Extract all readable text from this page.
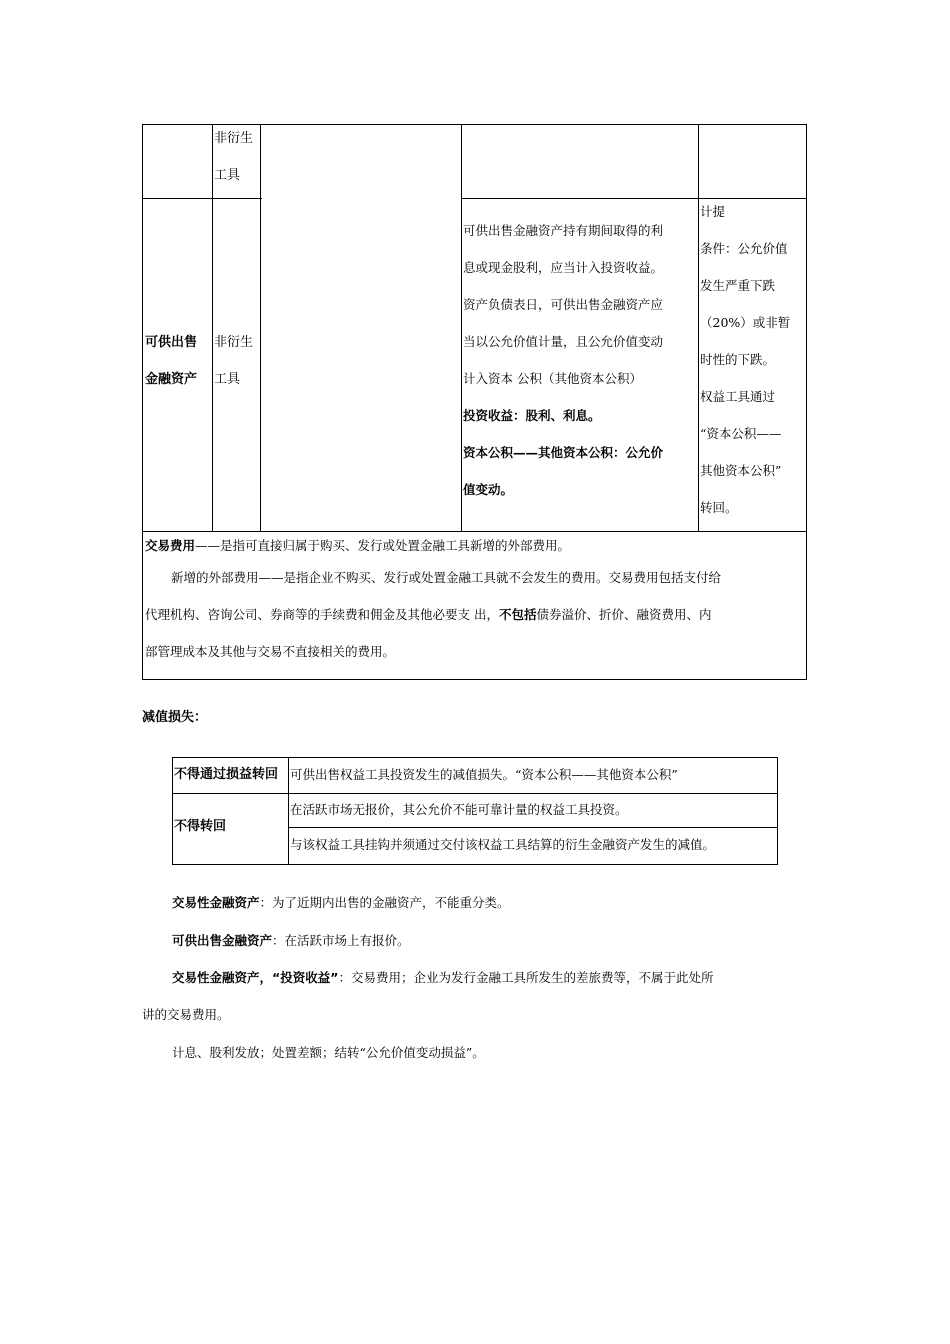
非衍生
工具
可供出售
金融资产
非衍生
工具
可供出售金融资产持有期间取得的利
息或现金股利，应当计入投资收益。
资产负债表日，可供出售金融资产应
当以公允价值计量，且公允价值变动
计入资本 公积（其他资本公积）
投资收益：股利、利息。
资本公积——其他资本公积：公允价
值变动。
计提
条件：公允价值
发生严重下跌
（20%）或非暂
时性的下跌。
权益工具通过
“资本公积——
其他资本公积”
转回。
交易费用——是指可直接归属于购买、发行或处置金融工具新增的外部费用。
新增的外部费用——是指企业不购买、发行或处置金融工具就不会发生的费用。交易费用包括支付给
代理机构、咨询公司、券商等的手续费和佣金及其他必要支 出，不包括债券溢价、折价、融资费用、内
部管理成本及其他与交易不直接相关的费用。
减值损失：
不得通过损益转回 可供出售权益工具投资发生的减值损失。“资本公积——其他资本公积”
不得转回
在活跃市场无报价，其公允价不能可靠计量的权益工具投资。
与该权益工具挂钩并须通过交付该权益工具结算的衍生金融资产发生的减值。
交易性金融资产：为了近期内出售的金融资产，不能重分类。
可供出售金融资产：在活跃市场上有报价。
交易性金融资产，“投资收益”：交易费用；企业为发行金融工具所发生的差旅费等，不属于此处所
讲的交易费用。
计息、股利发放；处置差额；结转“公允价值变动损益”。
